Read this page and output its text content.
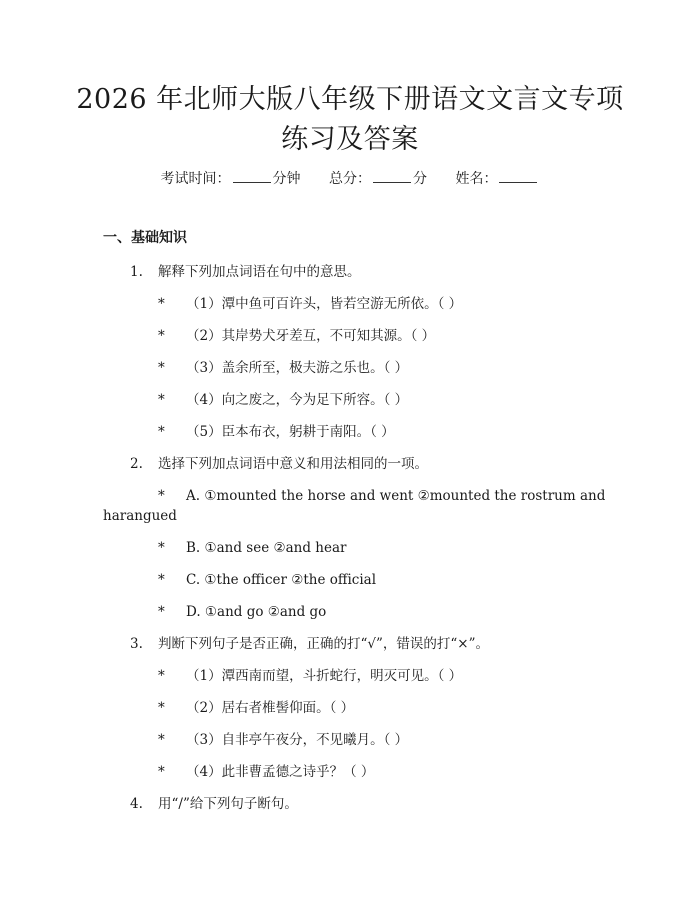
2026 年北师大版八年级下册语文文言文专项
练习及答案
考试时间：	分钟 总分：	分 姓名：
一、基础知识
1. 解释下列加点词语在句中的意思。
* （1）潭中鱼可百许头，皆若空游无所依。（ ）
* （2）其岸势犬牙差互，不可知其源。（ ）
* （3）盖余所至，极夫游之乐也。（ ）
* （4）向之废之，今为足下所容。（ ）
* （5）臣本布衣，躬耕于南阳。（ ）
2. 选择下列加点词语中意义和用法相同的一项。
* A. ①mounted the horse and went ②mounted the rostrum and
harangued
* B. ①and see ②and hear
* C. ①the officer ②the official
* D. ①and go ②and go
3. 判断下列句子是否正确，正确的打“√”，错误的打“×”。
* （1）潭西南而望，斗折蛇行，明灭可见。（ ）
* （2）居右者椎髻仰面。（ ）
* （3）自非亭午夜分，不见曦月。（ ）
* （4）此非曹孟德之诗乎？（ ）
4. 用“/”给下列句子断句。
